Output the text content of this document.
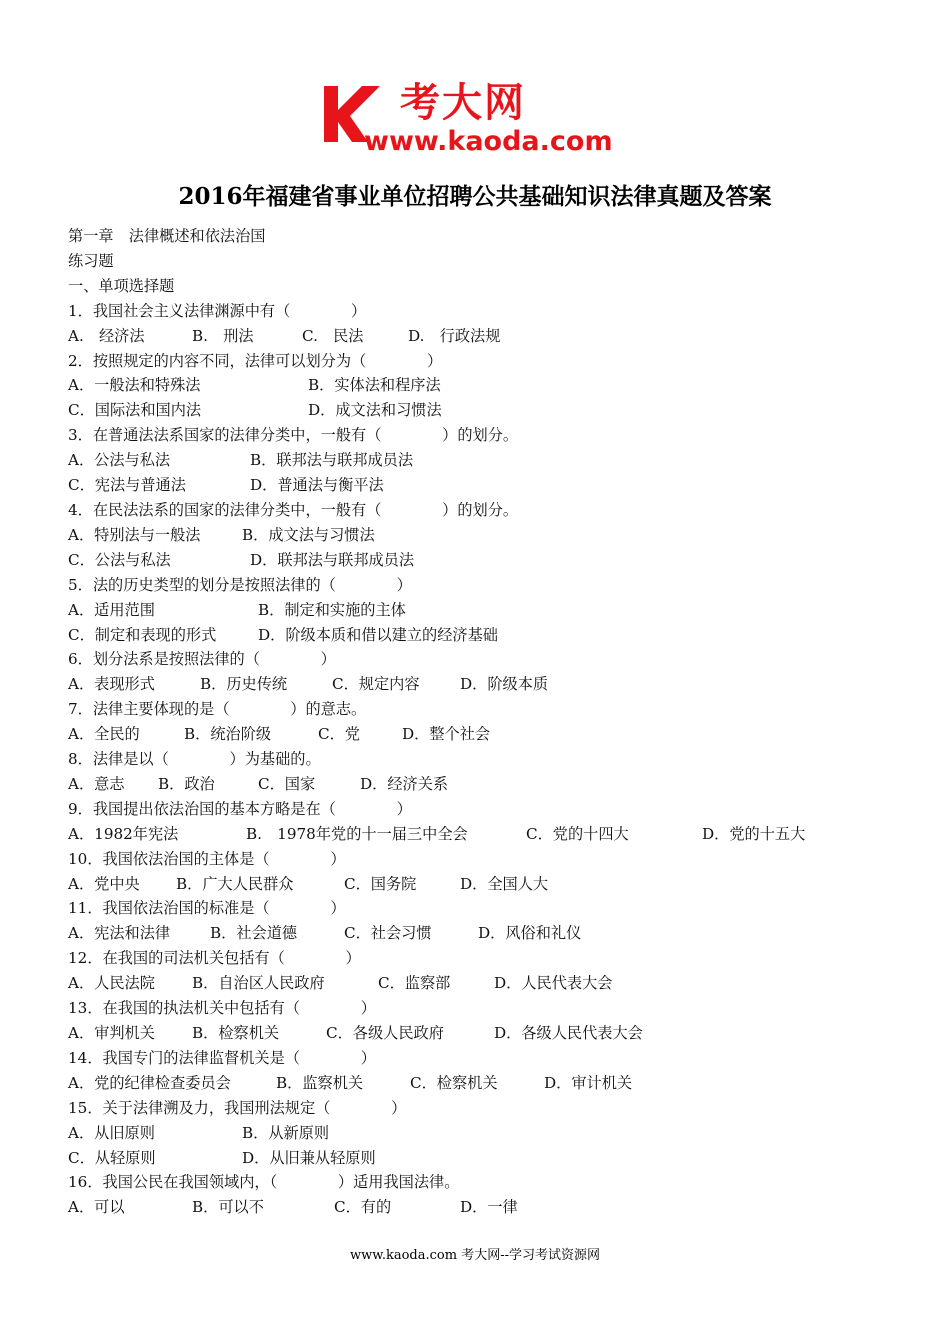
考大网
www.kaoda.com
2016年福建省事业单位招聘公共基础知识法律真题及答案
第一章　法律概述和依法治国
练习题
一、单项选择题
1．我国社会主义法律渊源中有（　　　　）
A.　经济法	B.　刑法	C.　民法	D.　行政法规
2．按照规定的内容不同，法律可以划分为（　　　　）
A．一般法和特殊法	B．实体法和程序法
C．国际法和国内法	D．成文法和习惯法
3．在普通法法系国家的法律分类中，一般有（　　　　）的划分。
A．公法与私法	B．联邦法与联邦成员法
C．宪法与普通法	D．普通法与衡平法
4．在民法法系的国家的法律分类中，一般有（　　　　）的划分。
A．特别法与一般法	B．成文法与习惯法
C．公法与私法	D．联邦法与联邦成员法
5．法的历史类型的划分是按照法律的（　　　　）
A．适用范围	B．制定和实施的主体
C．制定和表现的形式	D．阶级本质和借以建立的经济基础
6．划分法系是按照法律的（　　　　）
A．表现形式	B．历史传统	C．规定内容	D．阶级本质
7．法律主要体现的是（　　　　）的意志。
A．全民的	B．统治阶级	C．党	D．整个社会
8．法律是以（　　　　）为基础的。
A．意志 B．政治	C．国家	D．经济关系
9．我国提出依法治国的基本方略是在（　　　　）
A．1982年宪法	B.　1978年党的十一届三中全会	C．党的十四大	D．党的十五大
10．我国依法治国的主体是（　　　　）
A．党中央 B．广大人民群众	C．国务院	D．全国人大
11．我国依法治国的标准是（　　　　）
A．宪法和法律	B．社会道德	C．社会习惯	D．风俗和礼仪
12．在我国的司法机关包括有（　　　　）
A．人民法院 B．自治区人民政府	C．监察部	D．人民代表大会
13．在我国的执法机关中包括有（　　　　）
A．审判机关 B．检察机关	C．各级人民政府	D．各级人民代表大会
14．我国专门的法律监督机关是（　　　　）
A．党的纪律检查委员会	B．监察机关	C．检察机关	D．审计机关
15．关于法律溯及力，我国刑法规定（　　　　）
A．从旧原则	B．从新原则
C．从轻原则	D．从旧兼从轻原则
16．我国公民在我国领域内，（　　　　）适用我国法律。
A．可以	B．可以不	C．有的	D．一律
www.kaoda.com 考大网--学习考试资源网
